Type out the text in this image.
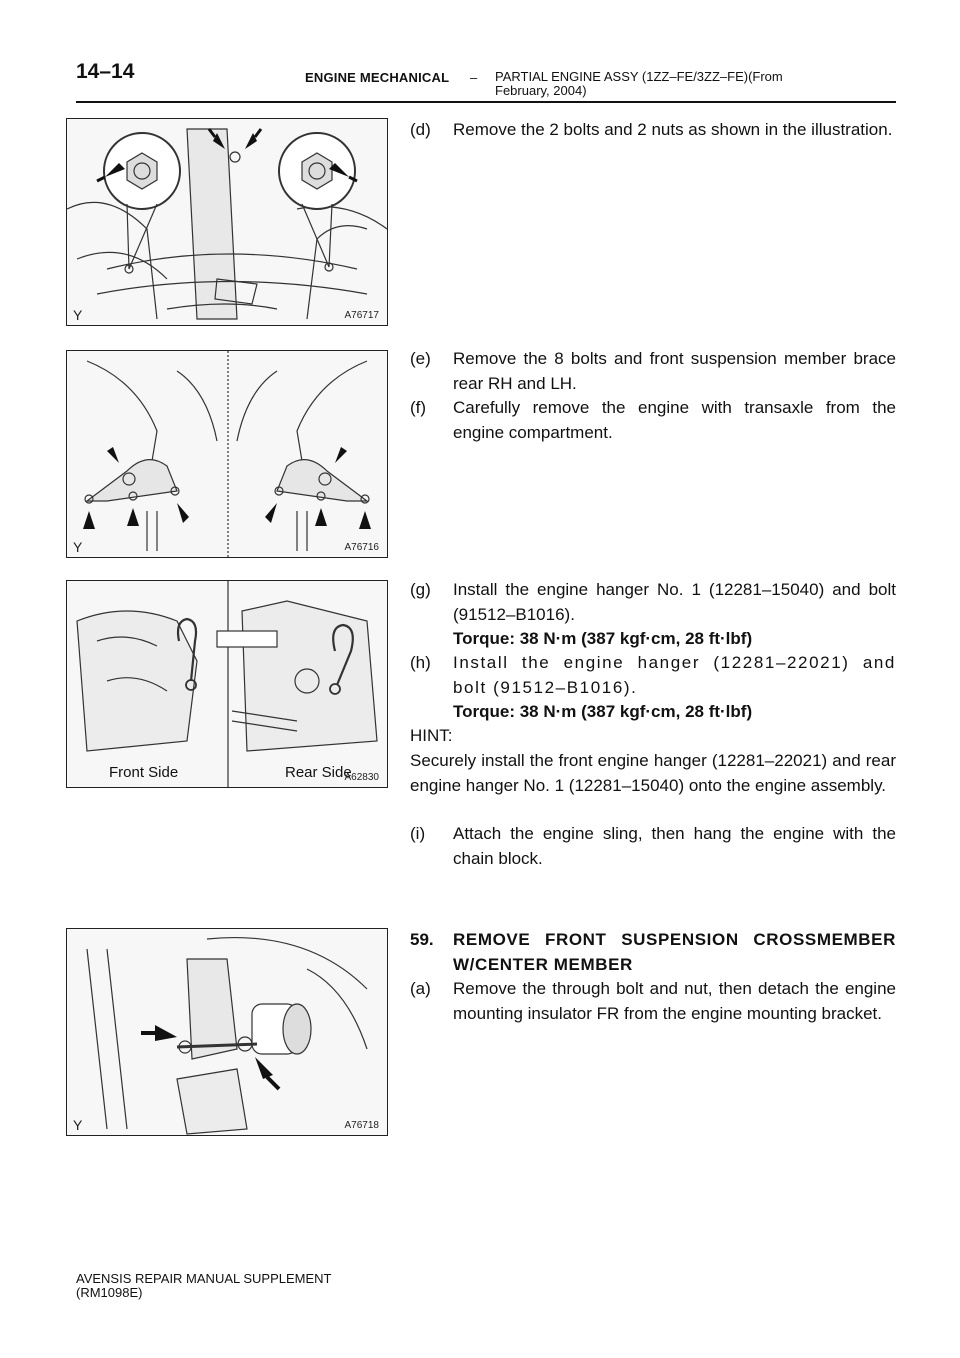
14–14	ENGINE MECHANICAL – PARTIAL ENGINE ASSY (1ZZ–FE/3ZZ–FE)(From February, 2004)
Y	A76717
Y	A76716
Front Side	Rear Side
A62830
Y	A76718
(d) Remove the 2 bolts and 2 nuts as shown in the illustration.
(e) Remove the 8 bolts and front suspension member brace rear RH and LH.
(f) Carefully remove the engine with transaxle from the engine compartment.
(g) Install the engine hanger No. 1 (12281–15040) and bolt (91512–B1016).
Torque: 38 N·m (387 kgf·cm, 28 ft·lbf)
(h) Install the engine hanger (12281–22021) and bolt (91512–B1016).
Torque: 38 N·m (387 kgf·cm, 28 ft·lbf)
HINT:
Securely install the front engine hanger (12281–22021) and rear engine hanger No. 1 (12281–15040) onto the engine assembly.
(i) Attach the engine sling, then hang the engine with the chain block.
59. REMOVE FRONT SUSPENSION CROSSMEMBER W/CENTER MEMBER
(a) Remove the through bolt and nut, then detach the engine mounting insulator FR from the engine mounting bracket.
AVENSIS REPAIR MANUAL SUPPLEMENT
(RM1098E)
